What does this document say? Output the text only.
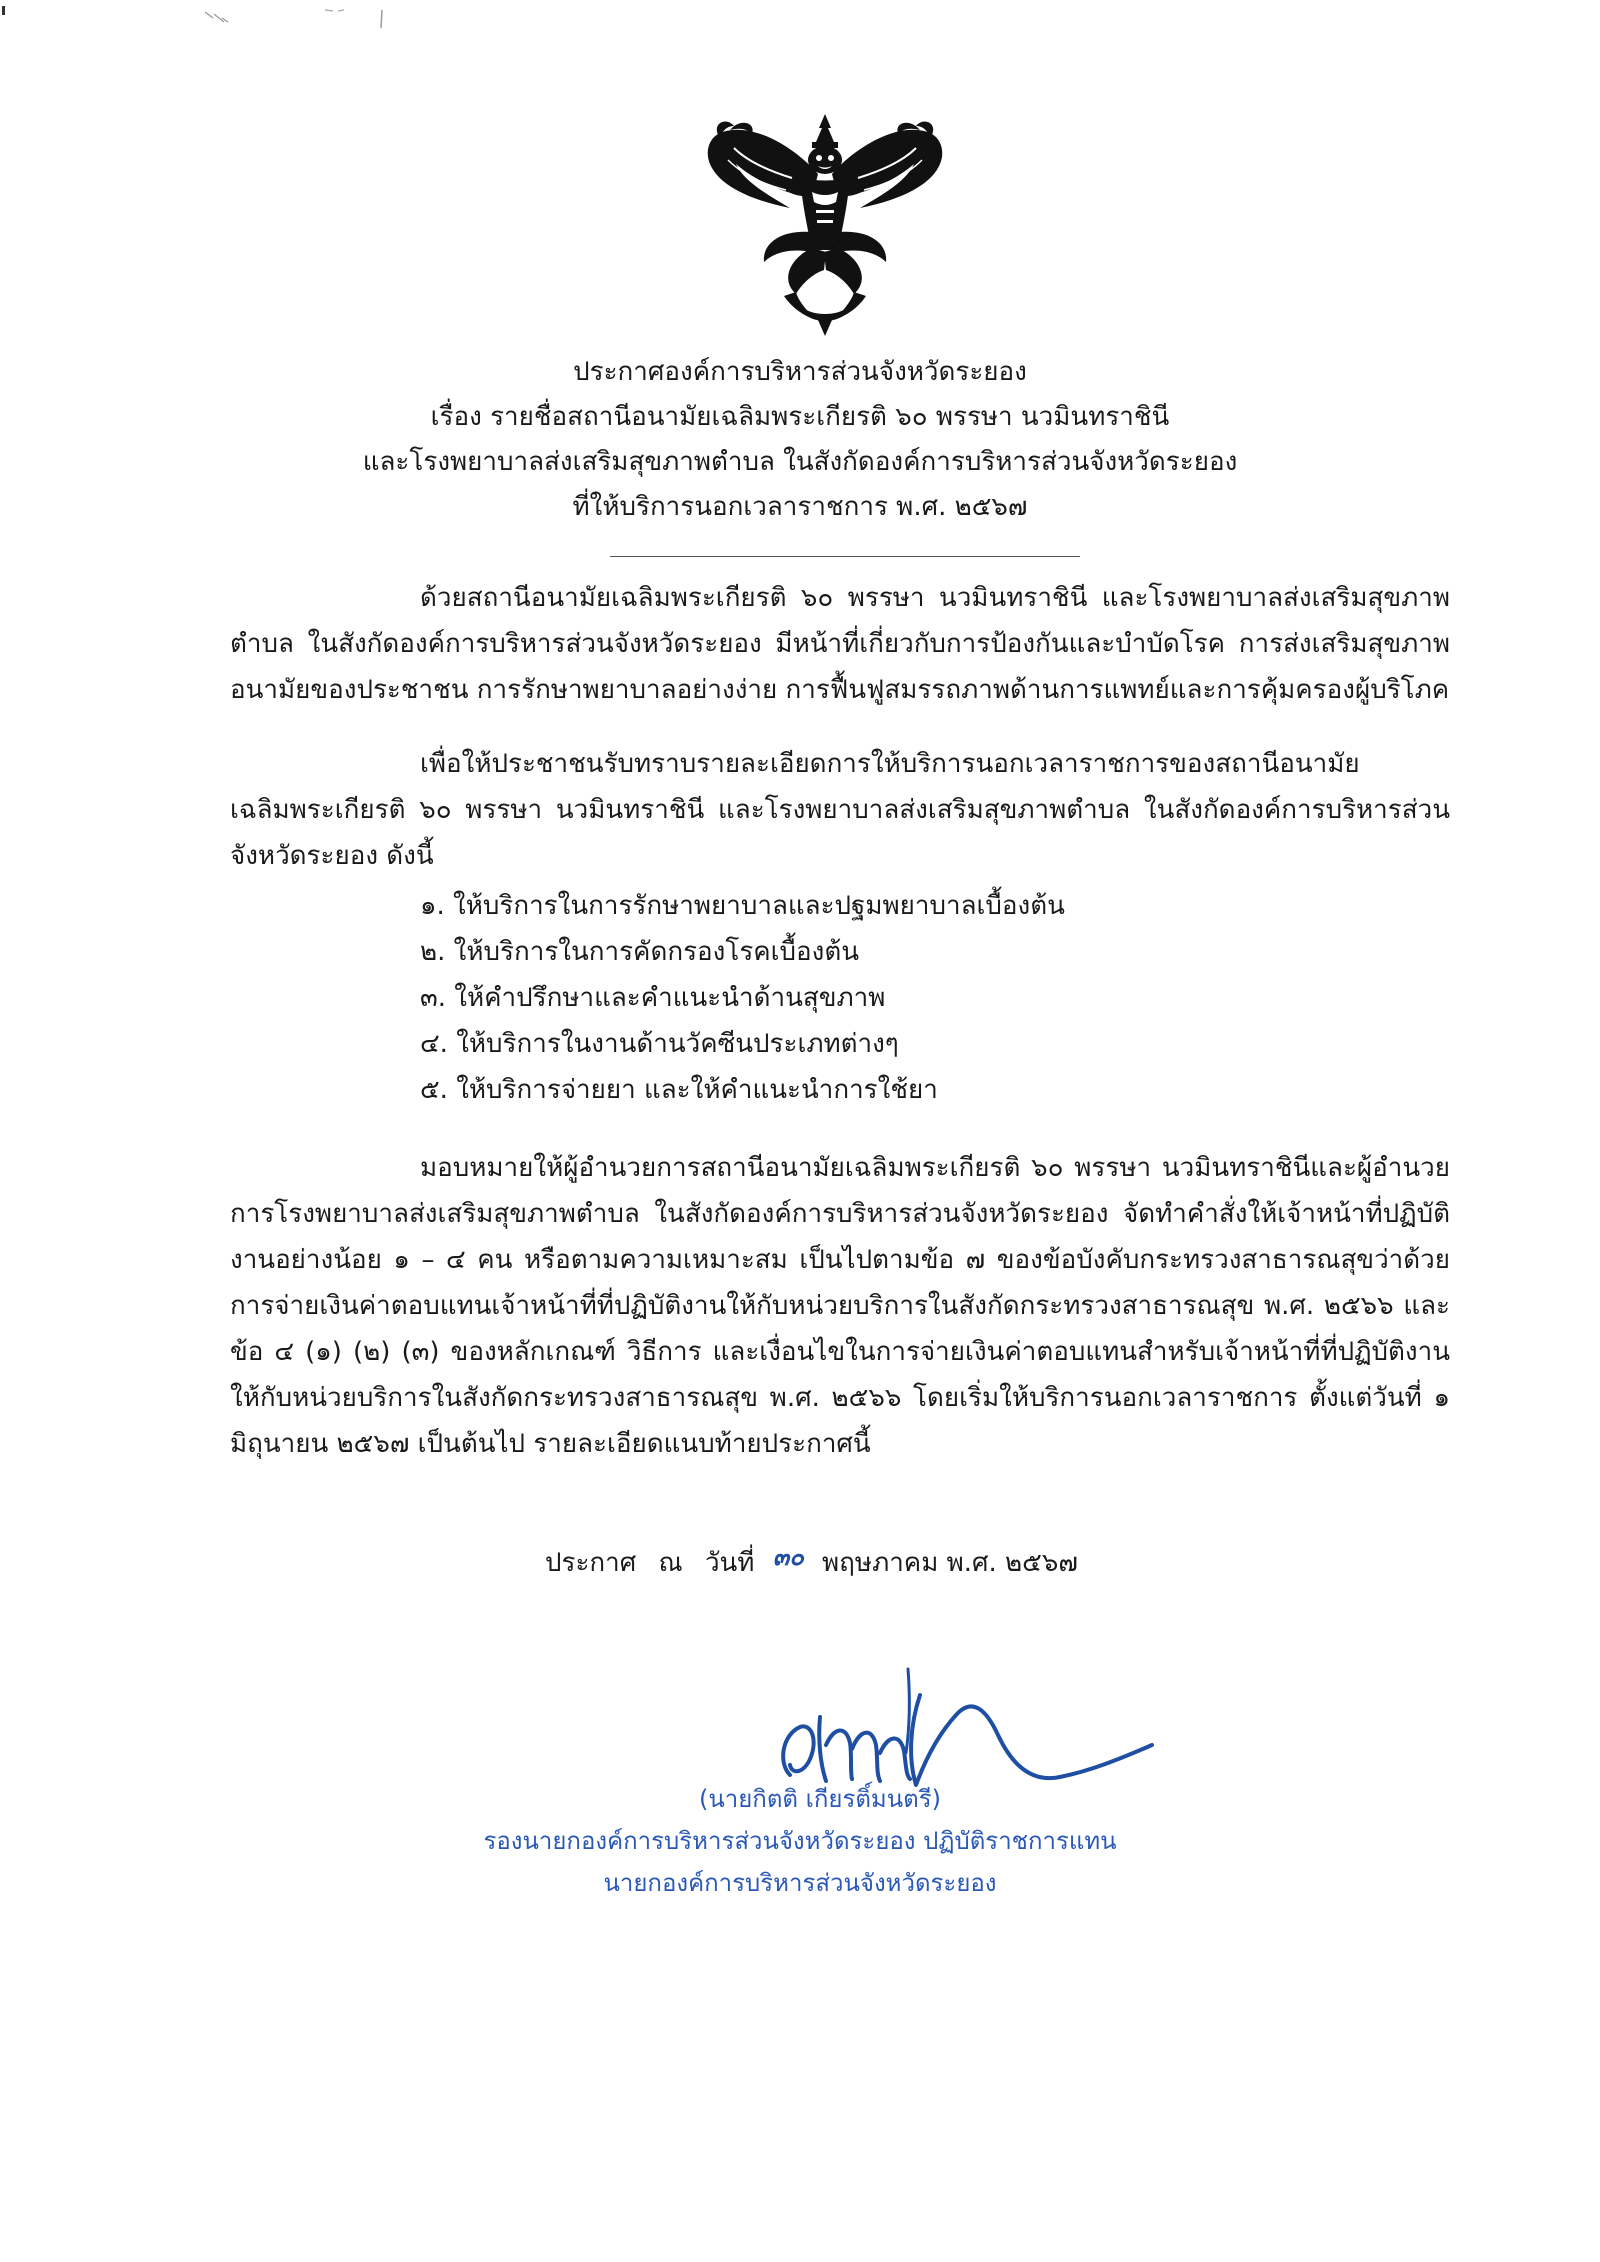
ประกาศองค์การบริหารส่วนจังหวัดระยอง
เรื่อง รายชื่อสถานีอนามัยเฉลิมพระเกียรติ ๖๐ พรรษา นวมินทราชินี
และโรงพยาบาลส่งเสริมสุขภาพตำบล ในสังกัดองค์การบริหารส่วนจังหวัดระยอง
ที่ให้บริการนอกเวลาราชการ พ.ศ. ๒๕๖๗

ด้วยสถานีอนามัยเฉลิมพระเกียรติ ๖๐ พรรษา นวมินทราชินี และโรงพยาบาลส่งเสริมสุขภาพตำบล ในสังกัดองค์การบริหารส่วนจังหวัดระยอง มีหน้าที่เกี่ยวกับการป้องกันและบำบัดโรค การส่งเสริมสุขภาพอนามัยของประชาชน การรักษาพยาบาลอย่างง่าย การฟื้นฟูสมรรถภาพด้านการแพทย์และการคุ้มครองผู้บริโภค

เพื่อให้ประชาชนรับทราบรายละเอียดการให้บริการนอกเวลาราชการของสถานีอนามัยเฉลิมพระเกียรติ ๖๐ พรรษา นวมินทราชินี และโรงพยาบาลส่งเสริมสุขภาพตำบล ในสังกัดองค์การบริหารส่วนจังหวัดระยอง ดังนี้

๑. ให้บริการในการรักษาพยาบาลและปฐมพยาบาลเบื้องต้น
๒. ให้บริการในการคัดกรองโรคเบื้องต้น
๓. ให้คำปรึกษาและคำแนะนำด้านสุขภาพ
๔. ให้บริการในงานด้านวัคซีนประเภทต่างๆ
๕. ให้บริการจ่ายยา และให้คำแนะนำการใช้ยา

มอบหมายให้ผู้อำนวยการสถานีอนามัยเฉลิมพระเกียรติ ๖๐ พรรษา นวมินทราชินีและผู้อำนวยการโรงพยาบาลส่งเสริมสุขภาพตำบล ในสังกัดองค์การบริหารส่วนจังหวัดระยอง จัดทำคำสั่งให้เจ้าหน้าที่ปฏิบัติงานอย่างน้อย ๑ – ๔ คน หรือตามความเหมาะสม เป็นไปตามข้อ ๗ ของข้อบังคับกระทรวงสาธารณสุขว่าด้วยการจ่ายเงินค่าตอบแทนเจ้าหน้าที่ที่ปฏิบัติงานให้กับหน่วยบริการในสังกัดกระทรวงสาธารณสุข พ.ศ. ๒๕๖๖ และข้อ ๔ (๑) (๒) (๓) ของหลักเกณฑ์ วิธีการ และเงื่อนไขในการจ่ายเงินค่าตอบแทนสำหรับเจ้าหน้าที่ที่ปฏิบัติงานให้กับหน่วยบริการในสังกัดกระทรวงสาธารณสุข พ.ศ. ๒๕๖๖ โดยเริ่มให้บริการนอกเวลาราชการ ตั้งแต่วันที่ ๑ มิถุนายน ๒๕๖๗ เป็นต้นไป รายละเอียดแนบท้ายประกาศนี้

ประกาศ ณ วันที่ ๓๐ พฤษภาคม พ.ศ. ๒๕๖๗
(นายกิตติ เกียรติ์มนตรี)
รองนายกองค์การบริหารส่วนจังหวัดระยอง ปฏิบัติราชการแทน
นายกองค์การบริหารส่วนจังหวัดระยอง
